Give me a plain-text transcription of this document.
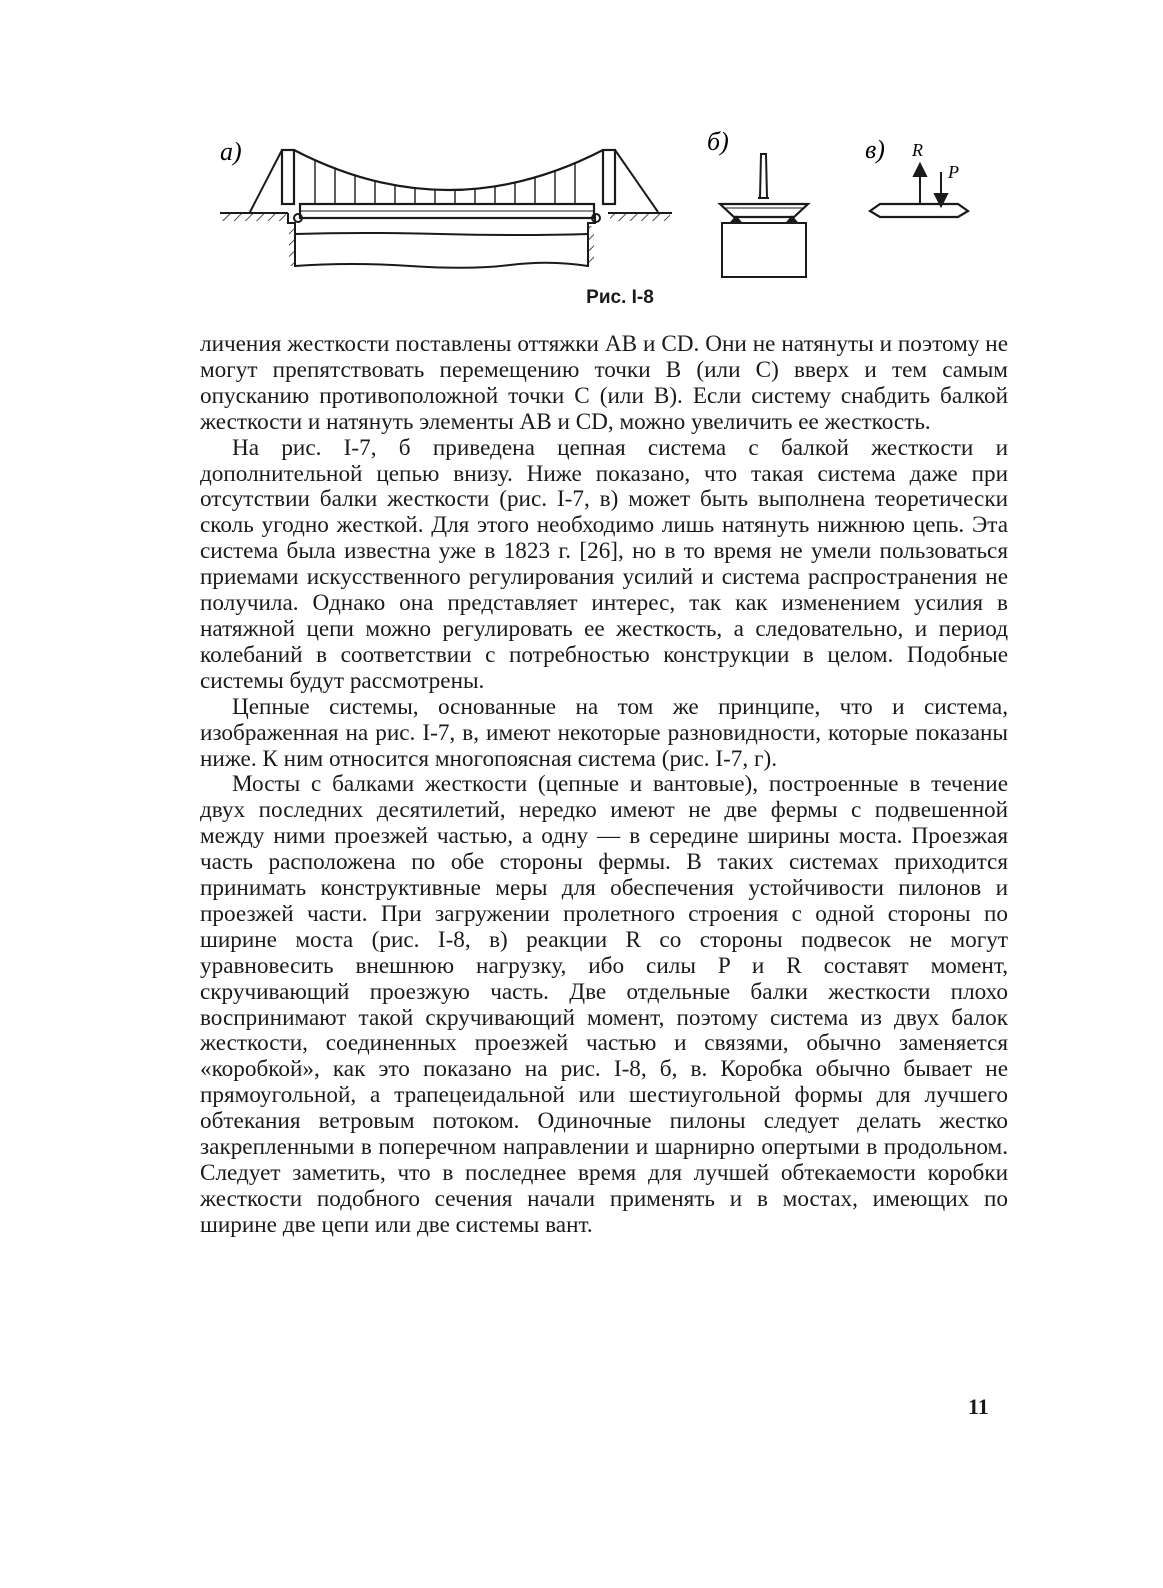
а)	б)	в) R
P
Рис. I-8

личения жесткости поставлены оттяжки AB и CD. Они не натянуты и поэтому не могут препятствовать перемещению точки B (или C) вверх и тем самым опусканию противоположной точки C (или B). Если систему снабдить балкой жесткости и натянуть элементы AB и CD, можно увеличить ее жесткость.

На рис. I-7, б приведена цепная система с балкой жесткости и дополнительной цепью внизу. Ниже показано, что такая система даже при отсутствии балки жесткости (рис. I-7, в) может быть выполнена теоретически сколь угодно жесткой. Для этого необходимо лишь натянуть нижнюю цепь. Эта система была известна уже в 1823 г. [26], но в то время не умели пользоваться приемами искусственного регулирования усилий и система распространения не получила. Однако она представляет интерес, так как изменением усилия в натяжной цепи можно регулировать ее жесткость, а следовательно, и период колебаний в соответствии с потребностью конструкции в целом. Подобные системы будут рассмотрены.

Цепные системы, основанные на том же принципе, что и система, изображенная на рис. I-7, в, имеют некоторые разновидности, которые показаны ниже. К ним относится многопоясная система (рис. I-7, г).

Мосты с балками жесткости (цепные и вантовые), построенные в течение двух последних десятилетий, нередко имеют не две фермы с подвешенной между ними проезжей частью, а одну — в середине ширины моста. Проезжая часть расположена по обе стороны фермы. В таких системах приходится принимать конструктивные меры для обеспечения устойчивости пилонов и проезжей части. При загружении пролетного строения с одной стороны по ширине моста (рис. I-8, в) реакции R со стороны подвесок не могут уравновесить внешнюю нагрузку, ибо силы P и R составят момент, скручивающий проезжую часть. Две отдельные балки жесткости плохо воспринимают такой скручивающий момент, поэтому система из двух балок жесткости, соединенных проезжей частью и связями, обычно заменяется «коробкой», как это показано на рис. I-8, б, в. Коробка обычно бывает не прямоугольной, а трапецеидальной или шестиугольной формы для лучшего обтекания ветровым потоком. Одиночные пилоны следует делать жестко закрепленными в поперечном направлении и шарнирно опертыми в продольном. Следует заметить, что в последнее время для лучшей обтекаемости коробки жесткости подобного сечения начали применять и в мостах, имеющих по ширине две цепи или две системы вант.

11
